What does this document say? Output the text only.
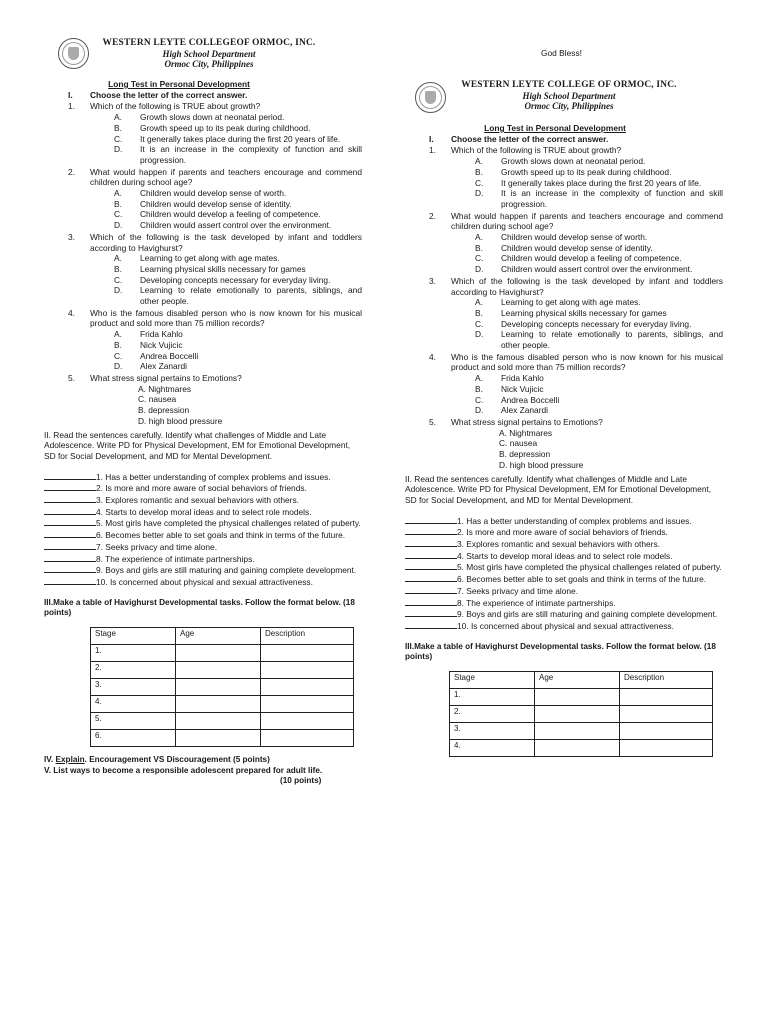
God Bless!
WESTERN LEYTE COLLEGEOF ORMOC, INC.
High School Department
Ormoc City, Philippines
Long Test in Personal Development
I.	Choose the letter of the correct answer.
1.	Which of the following is TRUE about growth?
A.	Growth slows down at neonatal period.
B.	Growth speed up to its peak during childhood.
C.	It generally takes place during the first 20 years of life.
D.	It is an increase in the complexity of function and skill progression.
2.	What would happen if parents and teachers encourage and commend children during school age?
A.	Children would develop sense of worth.
B.	Children would develop sense of identity.
C.	Children would develop a feeling of competence.
D.	Children would assert control over the environment.
3.	Which of the following is the task developed by infant and toddlers according to Havighurst?
A.	Learning to get along with age mates.
B.	Learning physical skills necessary for games
C.	Developing concepts necessary for everyday living.
D.	Learning to relate emotionally to parents, siblings, and other people.
4.	Who is the famous disabled person who is now known for his musical product and sold more than 75 million records?
A.	Frida Kahlo
B.	Nick Vujicic
C.	Andrea Boccelli
D.	Alex Zanardi
5.	What stress signal pertains to Emotions?
A. Nightmares
C. nausea
B. depression
D. high blood pressure
II. Read the sentences carefully. Identify what challenges of Middle and Late Adolescence. Write PD for Physical Development, EM for Emotional Development, SD for Social Development, and MD for Mental Development.
1. Has a better understanding of complex problems and issues.
2. Is more and more aware of social behaviors of friends.
3. Explores romantic and sexual behaviors with others.
4. Starts to develop moral ideas and to select role models.
5. Most girls have completed the physical challenges related of puberty.
6. Becomes better able to set goals and think in terms of the future.
7. Seeks privacy and time alone.
8. The experience of intimate partnerships.
9. Boys and girls are still maturing and gaining complete development.
10. Is concerned about physical and sexual attractiveness.
III.Make a table of Havighurst Developmental tasks. Follow the format below. (18 points)
Stage	Age	Description
1.		
2.		
3.		
4.		
5.		
6.		
IV. Explain. Encouragement VS Discouragement (5 points)
V. List ways to become a responsible adolescent prepared for adult life.
(10 points)
WESTERN LEYTE COLLEGE OF ORMOC, INC.
High School Department
Ormoc City, Philippines
Long Test in Personal Development
I.	Choose the letter of the correct answer.
1.	Which of the following is TRUE about growth?
A.	Growth slows down at neonatal period.
B.	Growth speed up to its peak during childhood.
C.	It generally takes place during the first 20 years of life.
D.	It is an increase in the complexity of function and skill progression.
2.	What would happen if parents and teachers encourage and commend children during school age?
A.	Children would develop sense of worth.
B.	Children would develop sense of identity.
C.	Children would develop a feeling of competence.
D.	Children would assert control over the environment.
3.	Which of the following is the task developed by infant and toddlers according to Havighurst?
A.	Learning to get along with age mates.
B.	Learning physical skills necessary for games
C.	Developing concepts necessary for everyday living.
D.	Learning to relate emotionally to parents, siblings, and other people.
4.	Who is the famous disabled person who is now known for his musical product and sold more than 75 million records?
A.	Frida Kahlo
B.	Nick Vujicic
C.	Andrea Boccelli
D.	Alex Zanardi
5.	What stress signal pertains to Emotions?
A. Nightmares
C. nausea
B. depression
D. high blood pressure
II. Read the sentences carefully. Identify what challenges of Middle and Late Adolescence. Write PD for Physical Development, EM for Emotional Development, SD for Social Development, and MD for Mental Development.
1. Has a better understanding of complex problems and issues.
2. Is more and more aware of social behaviors of friends.
3. Explores romantic and sexual behaviors with others.
4. Starts to develop moral ideas and to select role models.
5. Most girls have completed the physical challenges related of puberty.
6. Becomes better able to set goals and think in terms of the future.
7. Seeks privacy and time alone.
8. The experience of intimate partnerships.
9. Boys and girls are still maturing and gaining complete development.
10. Is concerned about physical and sexual attractiveness.
III.Make a table of Havighurst Developmental tasks. Follow the format below. (18 points)
Stage	Age	Description
1.		
2.		
3.		
4.		
